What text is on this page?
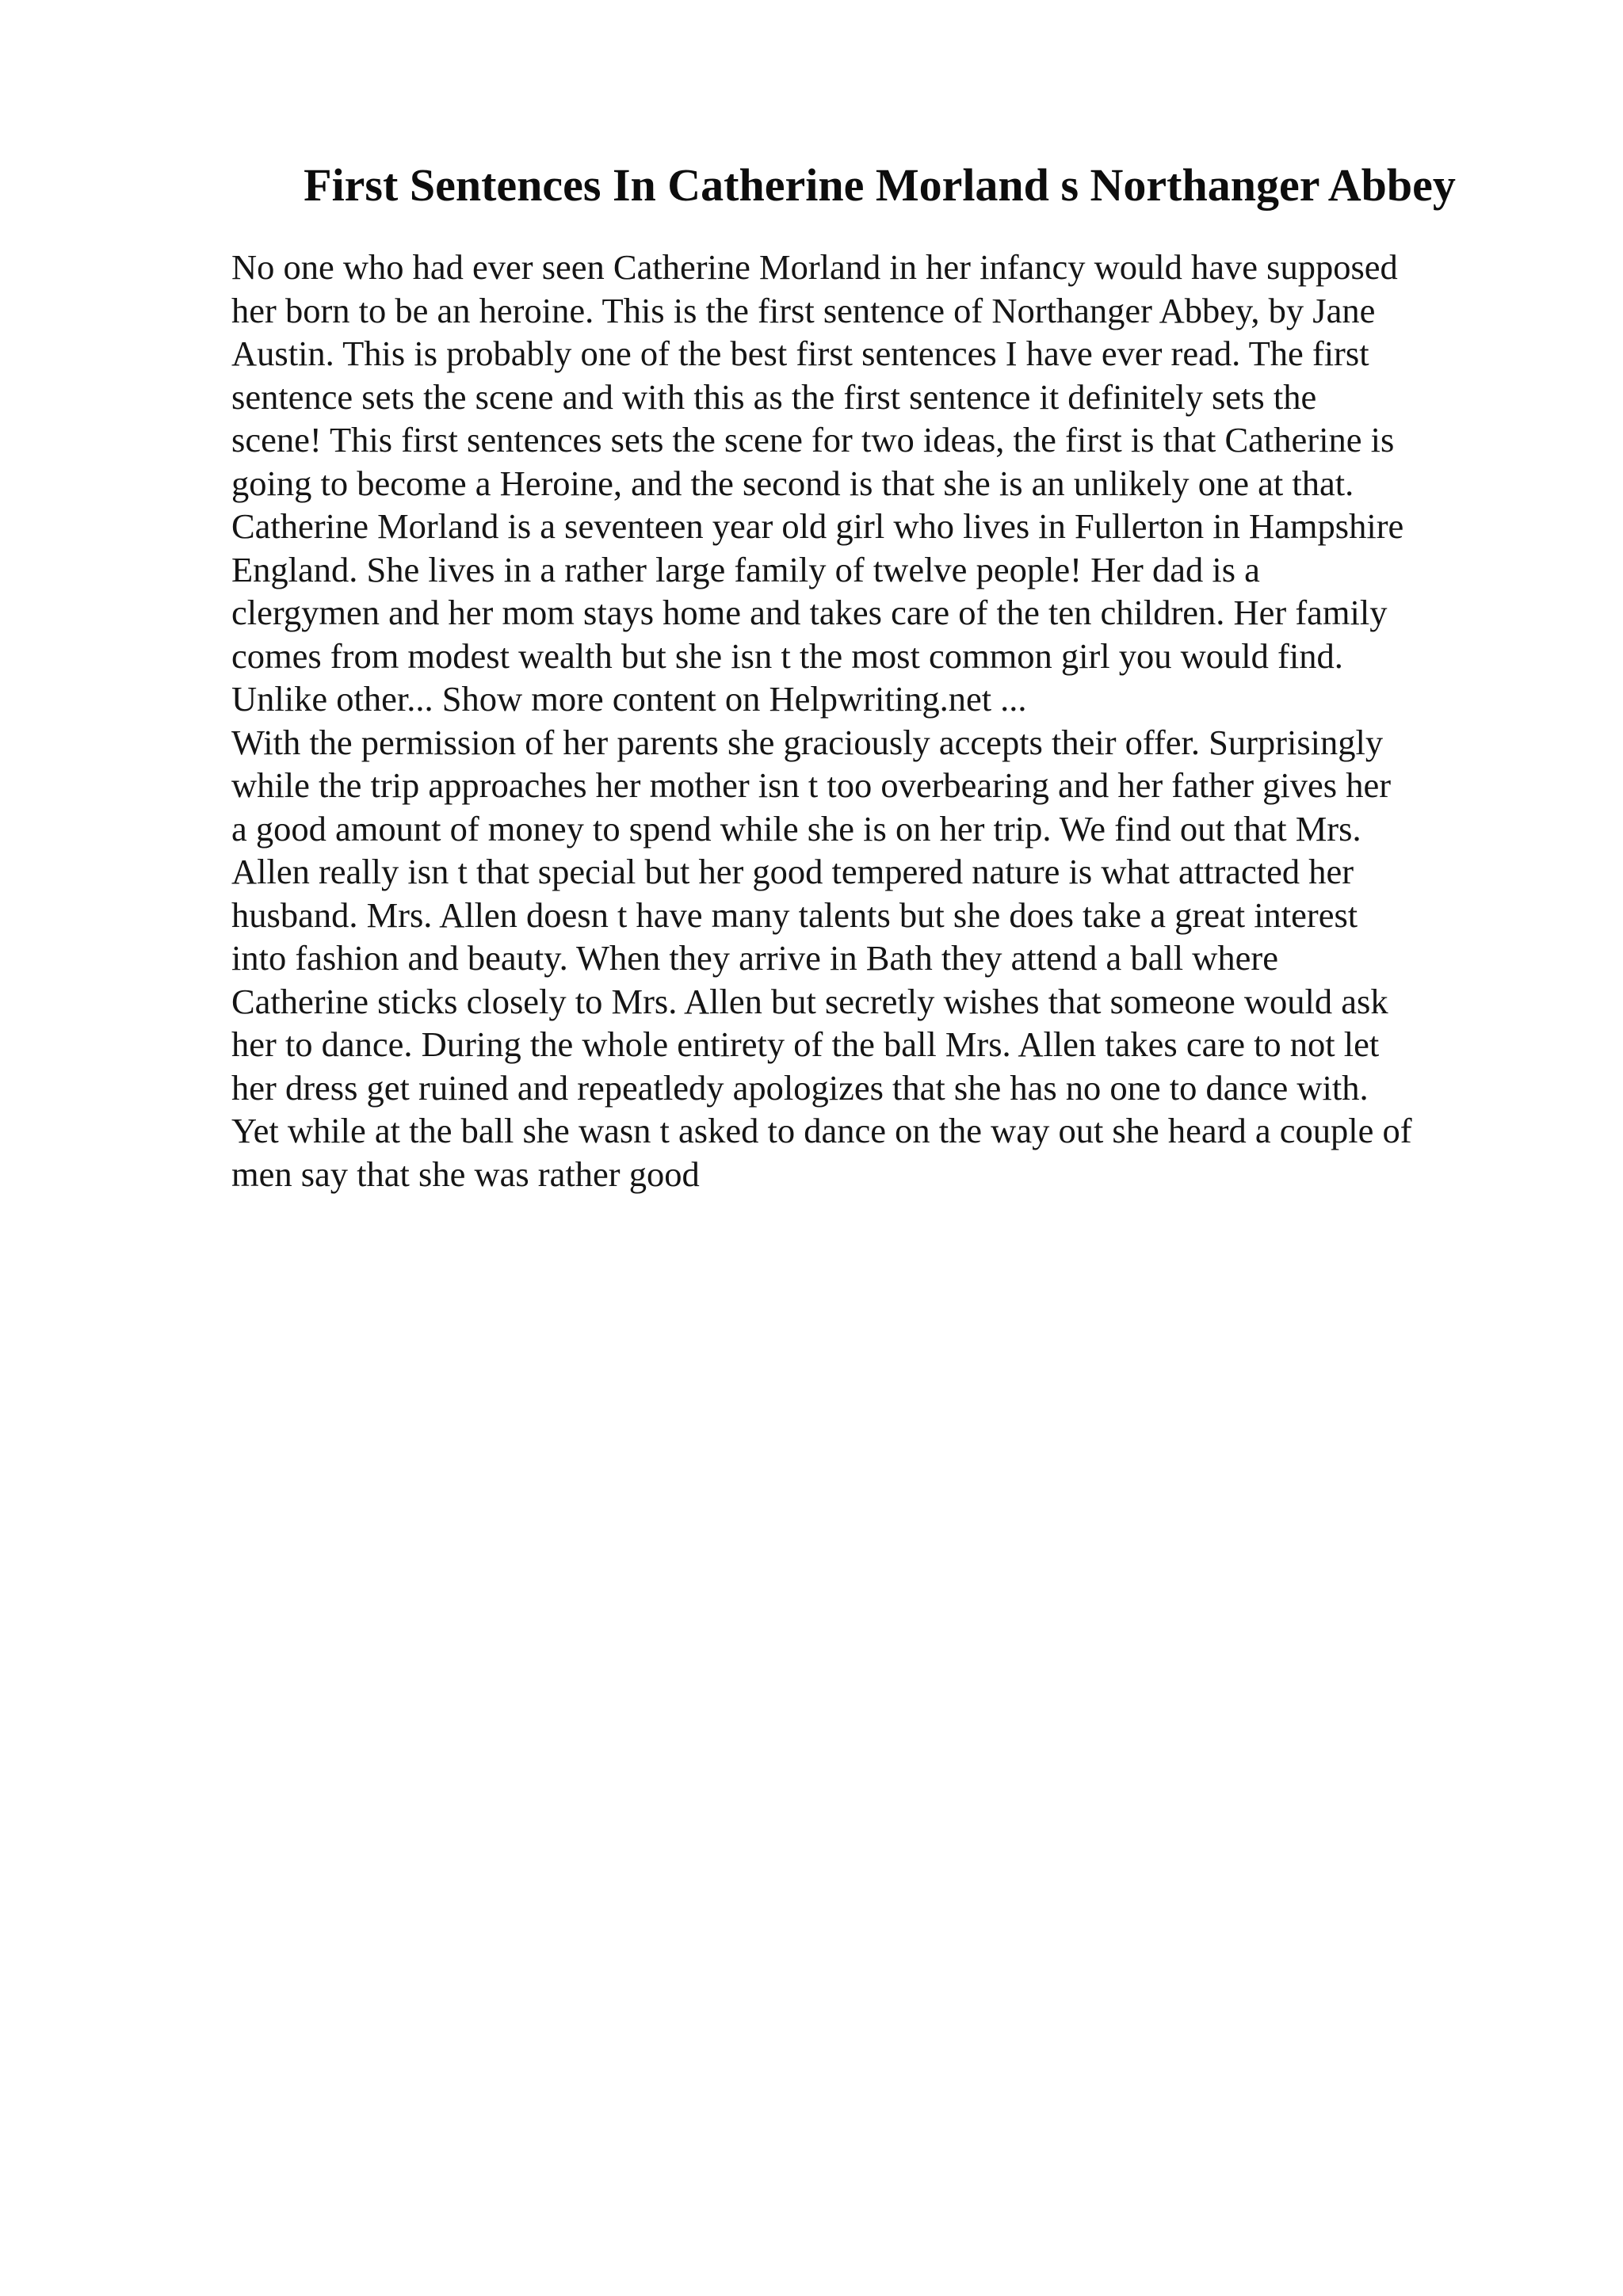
First Sentences In Catherine Morland s Northanger Abbey
No one who had ever seen Catherine Morland in her infancy would have supposed
her born to be an heroine. This is the first sentence of Northanger Abbey, by Jane
Austin. This is probably one of the best first sentences I have ever read. The first
sentence sets the scene and with this as the first sentence it definitely sets the
scene! This first sentences sets the scene for two ideas, the first is that Catherine is
going to become a Heroine, and the second is that she is an unlikely one at that.
Catherine Morland is a seventeen year old girl who lives in Fullerton in Hampshire
England. She lives in a rather large family of twelve people! Her dad is a
clergymen and her mom stays home and takes care of the ten children. Her family
comes from modest wealth but she isn t the most common girl you would find.
Unlike other... Show more content on Helpwriting.net ...
With the permission of her parents she graciously accepts their offer. Surprisingly
while the trip approaches her mother isn t too overbearing and her father gives her
a good amount of money to spend while she is on her trip. We find out that Mrs.
Allen really isn t that special but her good tempered nature is what attracted her
husband. Mrs. Allen doesn t have many talents but she does take a great interest
into fashion and beauty. When they arrive in Bath they attend a ball where
Catherine sticks closely to Mrs. Allen but secretly wishes that someone would ask
her to dance. During the whole entirety of the ball Mrs. Allen takes care to not let
her dress get ruined and repeatledy apologizes that she has no one to dance with.
Yet while at the ball she wasn t asked to dance on the way out she heard a couple of
men say that she was rather good
